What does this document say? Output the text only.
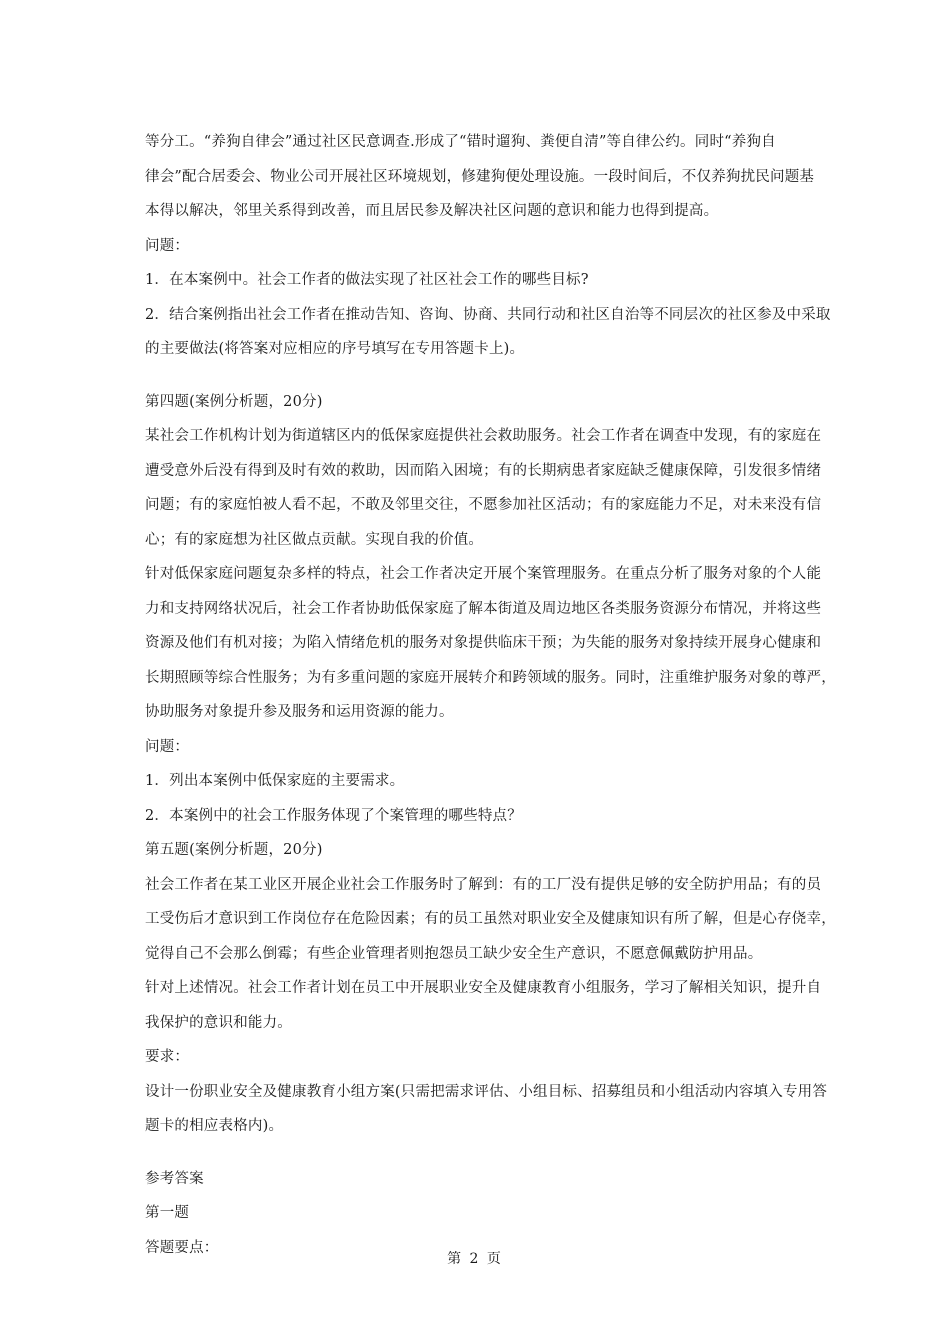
等分工。“养狗自律会”通过社区民意调查.形成了“错时遛狗、粪便自清”等自律公约。同时“养狗自
律会”配合居委会、物业公司开展社区环境规划，修建狗便处理设施。一段时间后，不仅养狗扰民问题基
本得以解决，邻里关系得到改善，而且居民参及解决社区问题的意识和能力也得到提高。
问题：
1．在本案例中。社会工作者的做法实现了社区社会工作的哪些目标?
2．结合案例指出社会工作者在推动告知、咨询、协商、共同行动和社区自治等不同层次的社区参及中采取
的主要做法(将答案对应相应的序号填写在专用答题卡上)。
第四题(案例分析题，20分)
某社会工作机构计划为街道辖区内的低保家庭提供社会救助服务。社会工作者在调查中发现，有的家庭在
遭受意外后没有得到及时有效的救助，因而陷入困境；有的长期病患者家庭缺乏健康保障，引发很多情绪
问题；有的家庭怕被人看不起，不敢及邻里交往，不愿参加社区活动；有的家庭能力不足，对未来没有信
心；有的家庭想为社区做点贡献。实现自我的价值。
针对低保家庭问题复杂多样的特点，社会工作者决定开展个案管理服务。在重点分析了服务对象的个人能
力和支持网络状况后，社会工作者协助低保家庭了解本街道及周边地区各类服务资源分布情况，并将这些
资源及他们有机对接；为陷入情绪危机的服务对象提供临床干预；为失能的服务对象持续开展身心健康和
长期照顾等综合性服务；为有多重问题的家庭开展转介和跨领域的服务。同时，注重维护服务对象的尊严，
协助服务对象提升参及服务和运用资源的能力。
问题：
1．列出本案例中低保家庭的主要需求。
2．本案例中的社会工作服务体现了个案管理的哪些特点？
第五题(案例分析题，20分)
社会工作者在某工业区开展企业社会工作服务时了解到：有的工厂没有提供足够的安全防护用品；有的员
工受伤后才意识到工作岗位存在危险因素；有的员工虽然对职业安全及健康知识有所了解，但是心存侥幸，
觉得自己不会那么倒霉；有些企业管理者则抱怨员工缺少安全生产意识，不愿意佩戴防护用品。
针对上述情况。社会工作者计划在员工中开展职业安全及健康教育小组服务，学习了解相关知识，提升自
我保护的意识和能力。
要求：
设计一份职业安全及健康教育小组方案(只需把需求评估、小组目标、招募组员和小组活动内容填入专用答
题卡的相应表格内)。
参考答案
第一题
答题要点：
第 2 页
